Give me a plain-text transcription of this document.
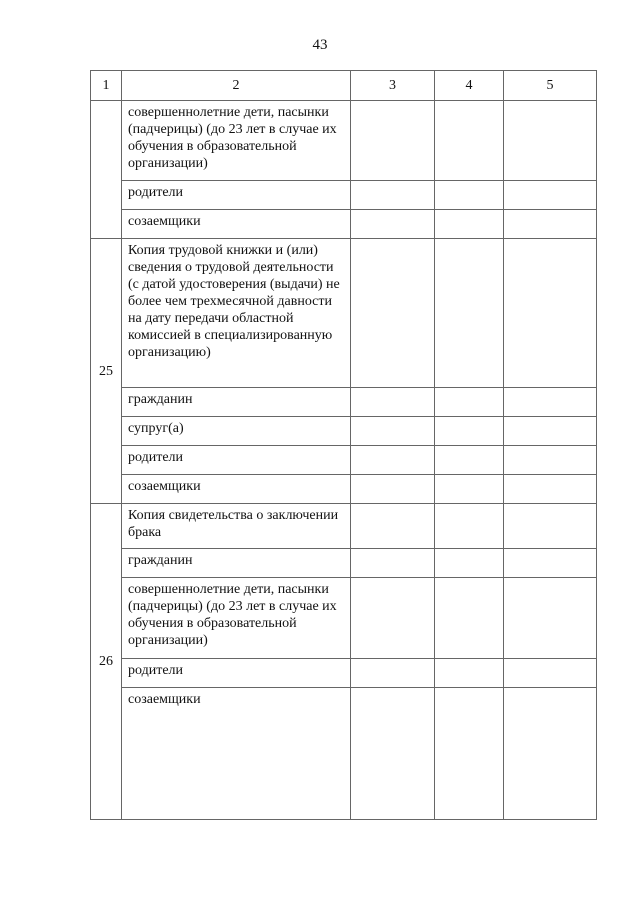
43
1	2	3	4	5
	совершеннолетние дети, пасынки (падчерицы) (до 23 лет в случае их обучения в образовательной организации)			
	родители			
	созаемщики			
25	Копия трудовой книжки и (или) сведения о трудовой деятельности (с датой удостоверения (выдачи) не более чем трехмесячной давности на дату передачи областной комиссией в специализированную организацию)			
	гражданин			
	супруг(а)			
	родители			
	созаемщики			
26	Копия свидетельства о заключении брака			
	гражданин			
	совершеннолетние дети, пасынки (падчерицы) (до 23 лет в случае их обучения в образовательной организации)			
	родители			
	созаемщики			
